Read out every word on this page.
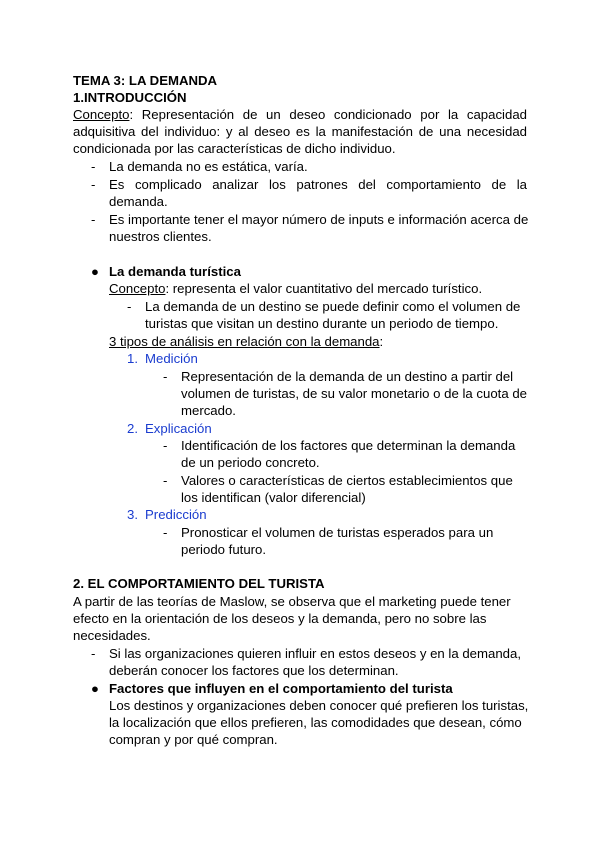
TEMA 3: LA DEMANDA
1.INTRODUCCIÓN
Concepto: Representación de un deseo condicionado por la capacidad
adquisitiva del individuo: y al deseo es la manifestación de una necesidad
condicionada por las características de dicho individuo.
- La demanda no es estática, varía.
- Es complicado analizar los patrones del comportamiento de la
demanda.
- Es importante tener el mayor número de inputs e información acerca de
nuestros clientes.
● La demanda turística
Concepto: representa el valor cuantitativo del mercado turístico.
- La demanda de un destino se puede definir como el volumen de
turistas que visitan un destino durante un periodo de tiempo.
3 tipos de análisis en relación con la demanda:
1. Medición
- Representación de la demanda de un destino a partir del
volumen de turistas, de su valor monetario o de la cuota de
mercado.
2. Explicación
- Identificación de los factores que determinan la demanda
de un periodo concreto.
- Valores o características de ciertos establecimientos que
los identifican (valor diferencial)
3. Predicción
- Pronosticar el volumen de turistas esperados para un
periodo futuro.
2. EL COMPORTAMIENTO DEL TURISTA
A partir de las teorías de Maslow, se observa que el marketing puede tener
efecto en la orientación de los deseos y la demanda, pero no sobre las
necesidades.
- Si las organizaciones quieren influir en estos deseos y en la demanda,
deberán conocer los factores que los determinan.
● Factores que influyen en el comportamiento del turista
Los destinos y organizaciones deben conocer qué prefieren los turistas,
la localización que ellos prefieren, las comodidades que desean, cómo
compran y por qué compran.
